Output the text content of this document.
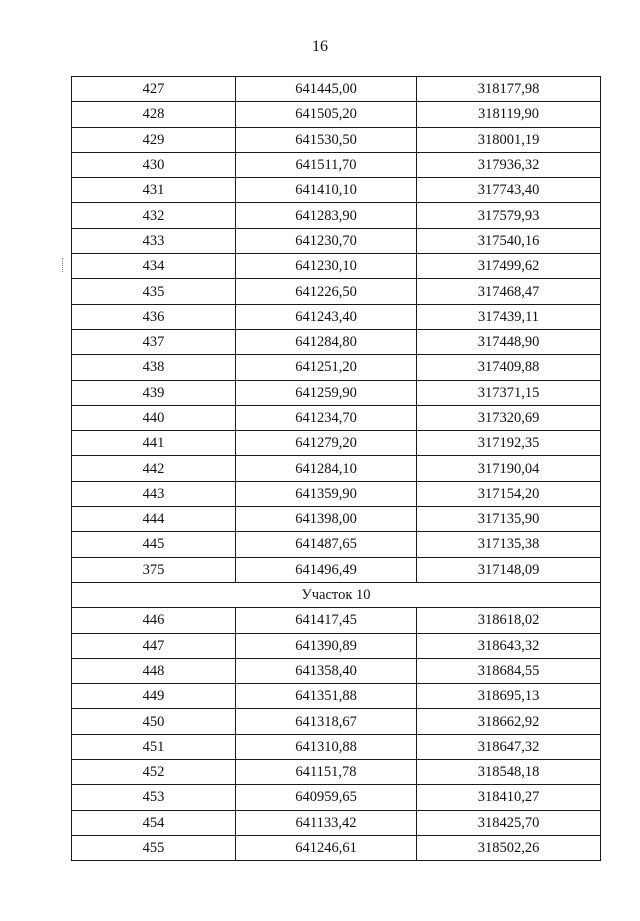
16
427	641445,00	318177,98
428	641505,20	318119,90
429	641530,50	318001,19
430	641511,70	317936,32
431	641410,10	317743,40
432	641283,90	317579,93
433	641230,70	317540,16
434	641230,10	317499,62
435	641226,50	317468,47
436	641243,40	317439,11
437	641284,80	317448,90
438	641251,20	317409,88
439	641259,90	317371,15
440	641234,70	317320,69
441	641279,20	317192,35
442	641284,10	317190,04
443	641359,90	317154,20
444	641398,00	317135,90
445	641487,65	317135,38
375	641496,49	317148,09
Участок 10		
446	641417,45	318618,02
447	641390,89	318643,32
448	641358,40	318684,55
449	641351,88	318695,13
450	641318,67	318662,92
451	641310,88	318647,32
452	641151,78	318548,18
453	640959,65	318410,27
454	641133,42	318425,70
455	641246,61	318502,26
